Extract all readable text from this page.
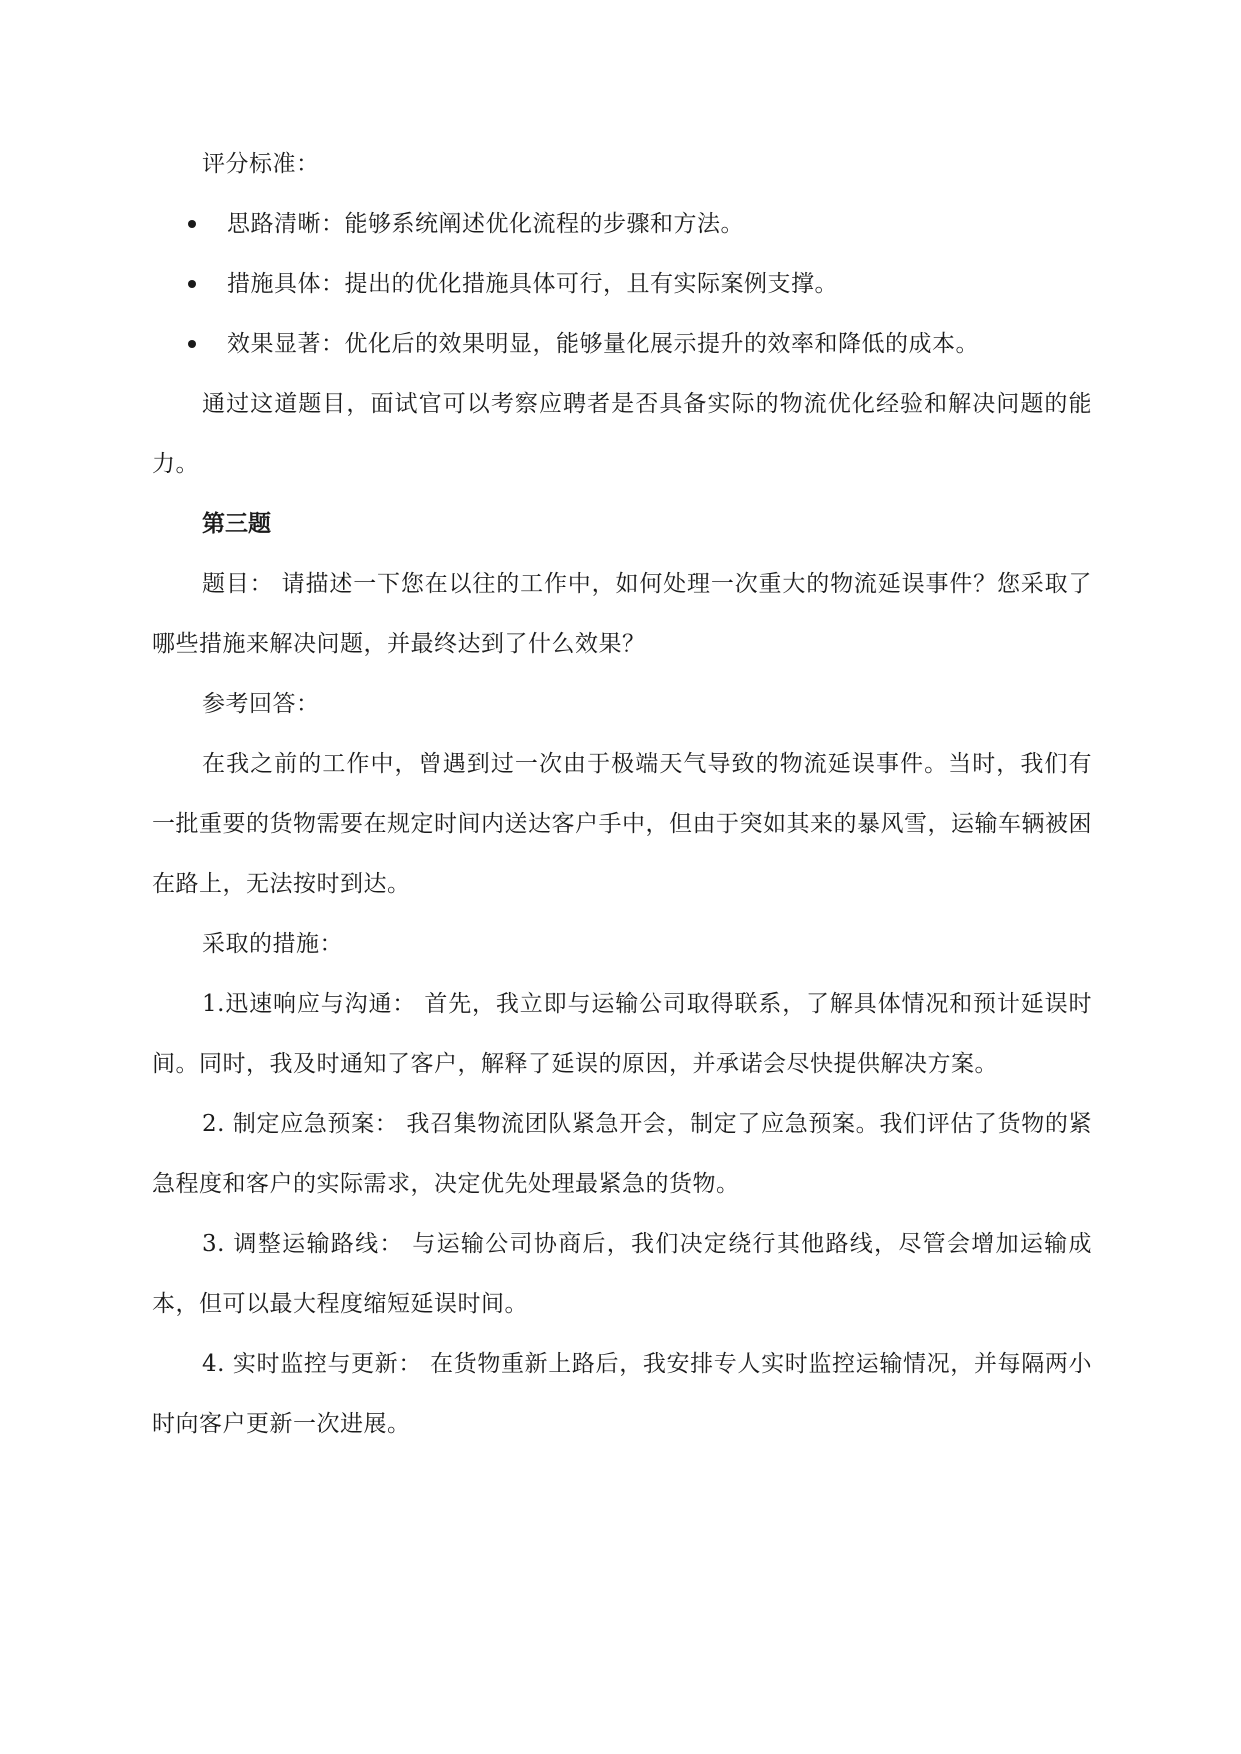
评分标准：

思路清晰：能够系统阐述优化流程的步骤和方法。
措施具体：提出的优化措施具体可行，且有实际案例支撑。
效果显著：优化后的效果明显，能够量化展示提升的效率和降低的成本。

通过这道题目，面试官可以考察应聘者是否具备实际的物流优化经验和解决问题的能力。

第三题

题目： 请描述一下您在以往的工作中，如何处理一次重大的物流延误事件？您采取了哪些措施来解决问题，并最终达到了什么效果？

参考回答：

在我之前的工作中，曾遇到过一次由于极端天气导致的物流延误事件。当时，我们有一批重要的货物需要在规定时间内送达客户手中，但由于突如其来的暴风雪，运输车辆被困在路上，无法按时到达。

采取的措施：

1.迅速响应与沟通： 首先，我立即与运输公司取得联系，了解具体情况和预计延误时间。同时，我及时通知了客户，解释了延误的原因，并承诺会尽快提供解决方案。

2. 制定应急预案： 我召集物流团队紧急开会，制定了应急预案。我们评估了货物的紧急程度和客户的实际需求，决定优先处理最紧急的货物。

3. 调整运输路线： 与运输公司协商后，我们决定绕行其他路线，尽管会增加运输成本，但可以最大程度缩短延误时间。

4. 实时监控与更新： 在货物重新上路后，我安排专人实时监控运输情况，并每隔两小时向客户更新一次进展。
